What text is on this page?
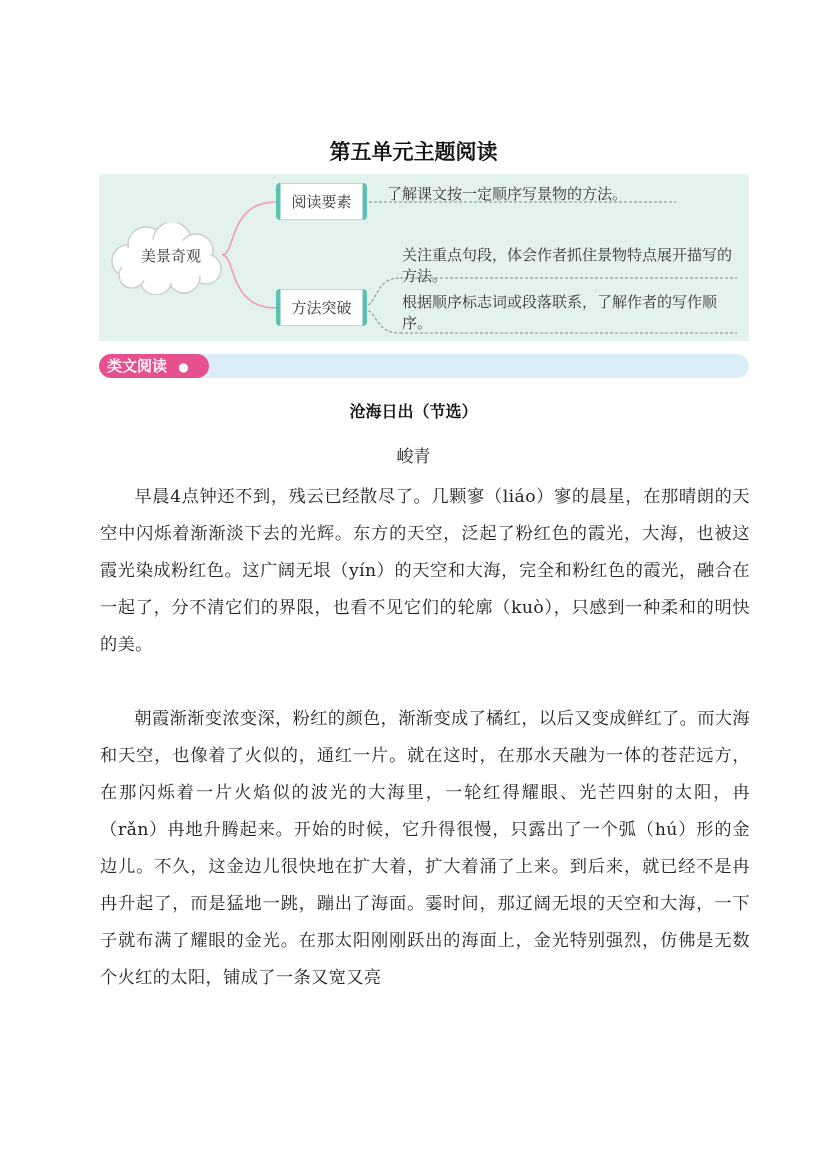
第五单元主题阅读
美景奇观
阅读要素
方法突破
了解课文按一定顺序写景物的方法。
关注重点句段，体会作者抓住景物特点展开描写的方法。
根据顺序标志词或段落联系，了解作者的写作顺序。
类文阅读 ●
沧海日出（节选）
峻青

早晨4点钟还不到，残云已经散尽了。几颗寥（liáo）寥的晨星，在那晴朗的天空中闪烁着渐渐淡下去的光辉。东方的天空，泛起了粉红色的霞光，大海，也被这霞光染成粉红色。这广阔无垠（yín）的天空和大海，完全和粉红色的霞光，融合在一起了，分不清它们的界限，也看不见它们的轮廓（kuò），只感到一种柔和的明快的美。

朝霞渐渐变浓变深，粉红的颜色，渐渐变成了橘红，以后又变成鲜红了。而大海和天空，也像着了火似的，通红一片。就在这时，在那水天融为一体的苍茫远方，在那闪烁着一片火焰似的波光的大海里，一轮红得耀眼、光芒四射的太阳，冉（rǎn）冉地升腾起来。开始的时候，它升得很慢，只露出了一个弧（hú）形的金边儿。不久，这金边儿很快地在扩大着，扩大着涌了上来。到后来，就已经不是冉冉升起了，而是猛地一跳，蹦出了海面。霎时间，那辽阔无垠的天空和大海，一下子就布满了耀眼的金光。在那太阳刚刚跃出的海面上，金光特别强烈，仿佛是无数个火红的太阳，铺成了一条又宽又亮
